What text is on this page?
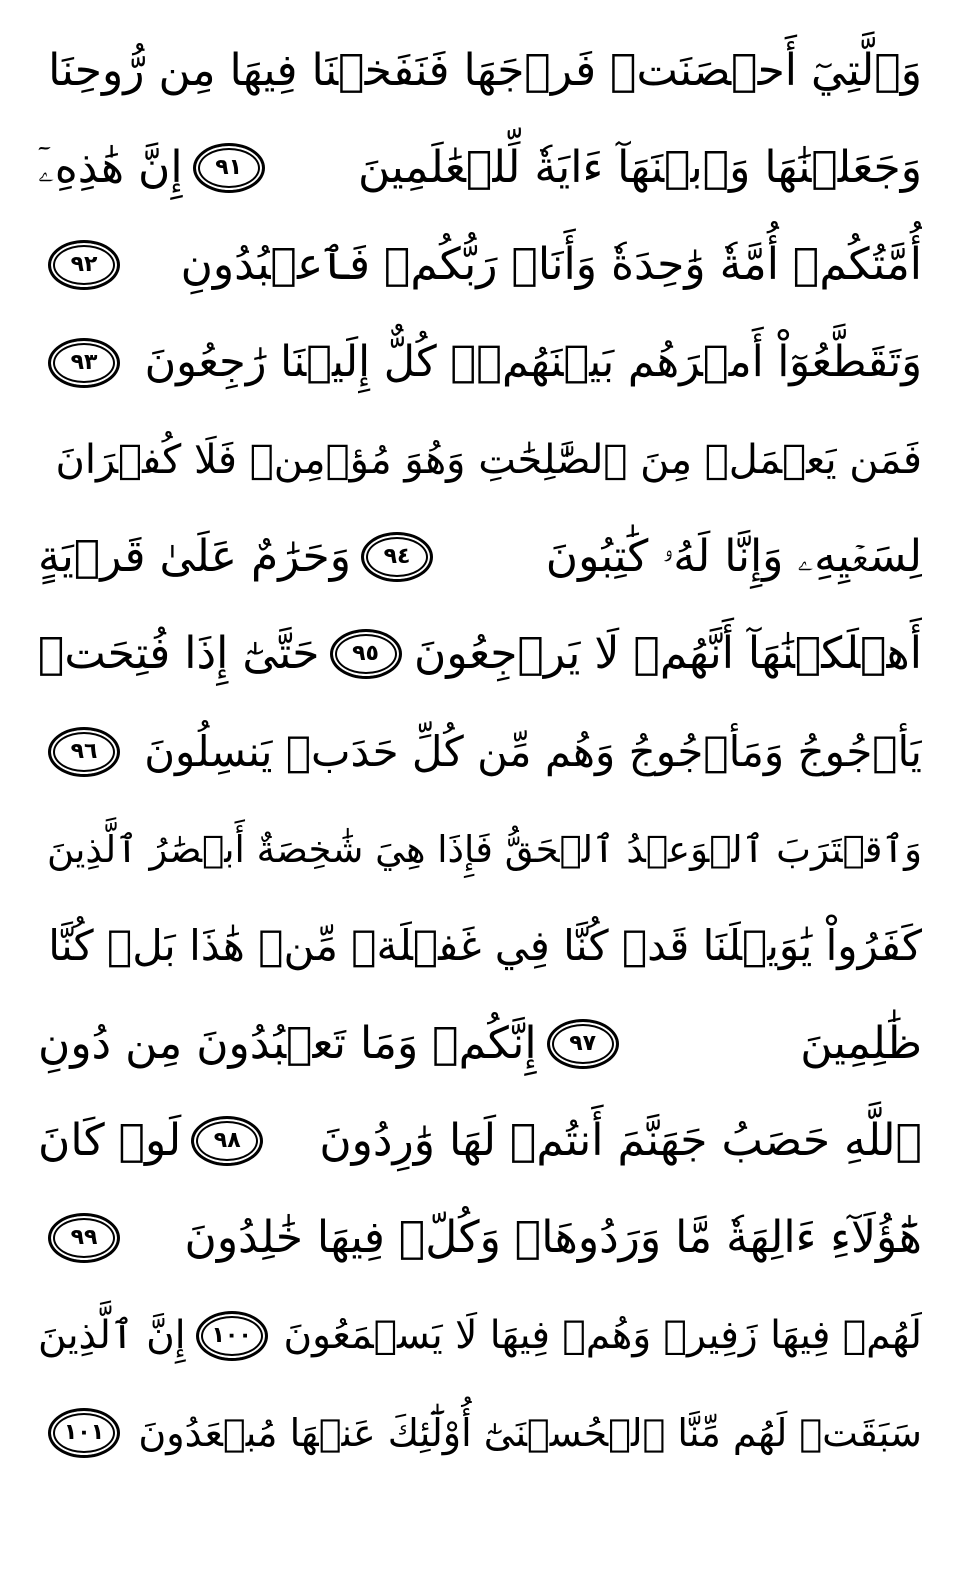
وَٱلَّتِيٓ أَحۡصَنَتۡ فَرۡجَهَا فَنَفَخۡنَا فِيهَا مِن رُّوحِنَا
وَجَعَلۡنَٰهَا وَٱبۡنَهَآ ءَايَةٗ لِّلۡعَٰلَمِينَ
٩١
إِنَّ هَٰذِهِۦٓ
أُمَّتُكُمۡ أُمَّةٗ وَٰحِدَةٗ وَأَنَا۠ رَبُّكُمۡ فَٱعۡبُدُونِ
٩٢
وَتَقَطَّعُوٓاْ أَمۡرَهُم بَيۡنَهُمۡۖ كُلٌّ إِلَيۡنَا رَٰجِعُونَ
٩٣
فَمَن يَعۡمَلۡ مِنَ ٱلصَّٰلِحَٰتِ وَهُوَ مُؤۡمِنٞ فَلَا كُفۡرَانَ
لِسَعۡيِهِۦ وَإِنَّا لَهُۥ كَٰتِبُونَ
٩٤
وَحَرَٰمٌ عَلَىٰ قَرۡيَةٍ
أَهۡلَكۡنَٰهَآ أَنَّهُمۡ لَا يَرۡجِعُونَ
٩٥
حَتَّىٰٓ إِذَا فُتِحَتۡ
يَأۡجُوجُ وَمَأۡجُوجُ وَهُم مِّن كُلِّ حَدَبٖ يَنسِلُونَ
٩٦
وَٱقۡتَرَبَ ٱلۡوَعۡدُ ٱلۡحَقُّ فَإِذَا هِيَ شَٰخِصَةٌ أَبۡصَٰرُ ٱلَّذِينَ
كَفَرُواْ يَٰوَيۡلَنَا قَدۡ كُنَّا فِي غَفۡلَةٖ مِّنۡ هَٰذَا بَلۡ كُنَّا
ظَٰلِمِينَ
٩٧
إِنَّكُمۡ وَمَا تَعۡبُدُونَ مِن دُونِ
ٱللَّهِ حَصَبُ جَهَنَّمَ أَنتُمۡ لَهَا وَٰرِدُونَ
٩٨
لَوۡ كَانَ
هَٰٓؤُلَآءِ ءَالِهَةٗ مَّا وَرَدُوهَاۖ وَكُلّٞ فِيهَا خَٰلِدُونَ
٩٩
لَهُمۡ فِيهَا زَفِيرٞ وَهُمۡ فِيهَا لَا يَسۡمَعُونَ
١٠٠
إِنَّ ٱلَّذِينَ
سَبَقَتۡ لَهُم مِّنَّا ٱلۡحُسۡنَىٰٓ أُوْلَٰٓئِكَ عَنۡهَا مُبۡعَدُونَ
١٠١
